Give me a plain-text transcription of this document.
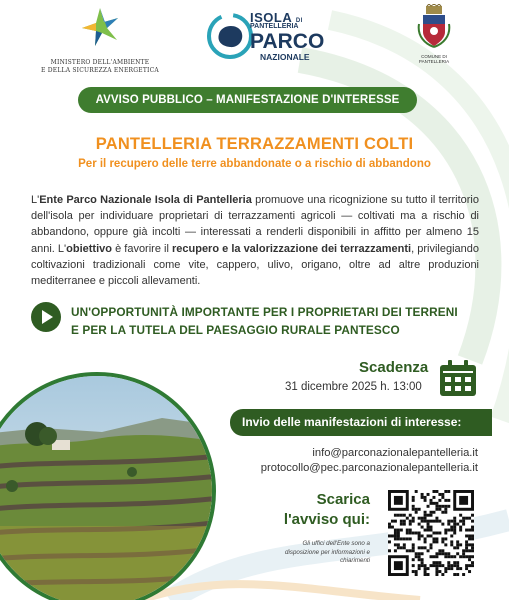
MINISTERO DELL'AMBIENTE
E DELLA SICUREZZA ENERGETICA
ISOLA DI
PANTELLERIA
PARCO
NAZIONALE	COMUNE DI PANTELLERIA
AVVISO PUBBLICO – MANIFESTAZIONE D'INTERESSE
PANTELLERIA TERRAZZAMENTI COLTI
Per il recupero delle terre abbandonate o a rischio di abbandono
L'Ente Parco Nazionale Isola di Pantelleria promuove una ricognizione su tutto il territorio dell'isola per individuare proprietari di terrazzamenti agricoli — coltivati ma a rischio di abbandono, oppure già incolti — interessati a renderli disponibili in affitto per almeno 15 anni. L'obiettivo è favorire il recupero e la valorizzazione dei terrazzamenti, privilegiando coltivazioni tradizionali come vite, cappero, ulivo, origano, oltre ad altre produzioni mediterranee e piccoli allevamenti.
UN'OPPORTUNITÀ IMPORTANTE PER I PROPRIETARI DEI TERRENI
E PER LA TUTELA DEL PAESAGGIO RURALE PANTESCO
Scadenza
31 dicembre 2025 h. 13:00
Invio delle manifestazioni di interesse:
info@parconazionalepantelleria.it
protocollo@pec.parconazionalepantelleria.it
Scarica
l'avviso qui:
Gli uffici dell'Ente sono a disposizione per informazioni e chiarimenti
